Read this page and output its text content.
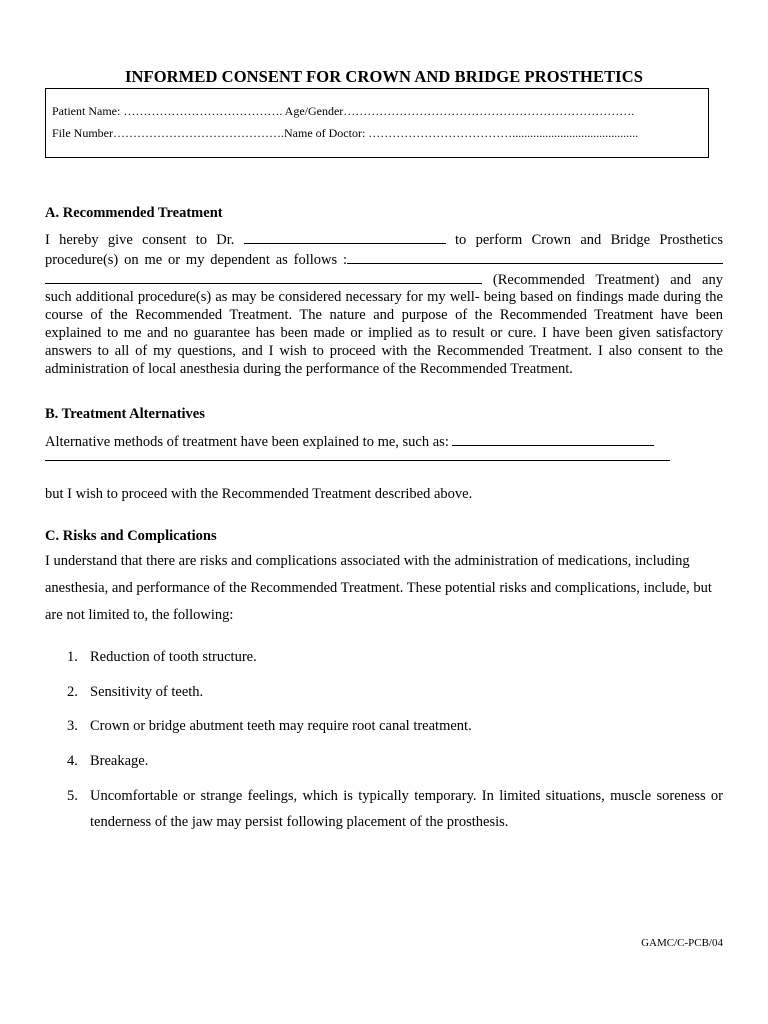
INFORMED CONSENT FOR CROWN AND BRIDGE PROSTHETICS
Patient Name: …………………………………. Age/Gender……………………………………………………………….
File Number…………………………………….Name of Doctor: ………………………………..........................................
A. Recommended Treatment
I hereby give consent to Dr.	to perform Crown and Bridge Prosthetics procedure(s) on me or my dependent as follows :  (Recommended Treatment) and any such additional procedure(s) as may be considered necessary for my well- being based on findings made during the course of the Recommended Treatment. The nature and purpose of the Recommended Treatment have been explained to me and no guarantee has been made or implied as to result or cure. I have been given satisfactory answers to all of my questions, and I wish to proceed with the Recommended Treatment. I also consent to the administration of local anesthesia during the performance of the Recommended Treatment.
B. Treatment Alternatives
Alternative methods of treatment have been explained to me, such as:
but I wish to proceed with the Recommended Treatment described above.
C. Risks and Complications
I understand that there are risks and complications associated with the administration of medications, including anesthesia, and performance of the Recommended Treatment. These potential risks and complications, include, but are not limited to, the following:
1. Reduction of tooth structure.
2. Sensitivity of teeth.
3. Crown or bridge abutment teeth may require root canal treatment.
4. Breakage.
5. Uncomfortable or strange feelings, which is typically temporary. In limited situations, muscle soreness or tenderness of the jaw may persist following placement of the prosthesis.
GAMC/C-PCB/04
